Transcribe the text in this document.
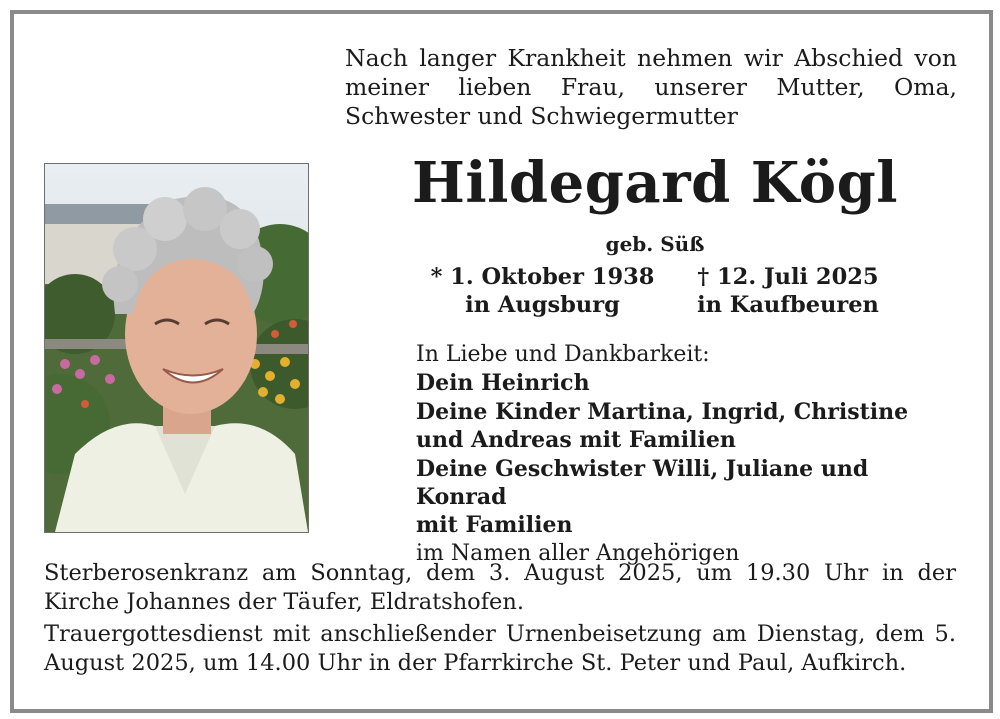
Nach langer Krankheit nehmen wir Abschied von meiner lieben Frau, unserer Mutter, Oma, Schwester und Schwiegermutter
Hildegard Kögl
geb. Süß
* 1. Oktober 1938
in Augsburg
† 12. Juli 2025
in Kaufbeuren
In Liebe und Dankbarkeit:
Dein Heinrich
Deine Kinder Martina, Ingrid, Christine
und Andreas mit Familien
Deine Geschwister Willi, Juliane und Konrad
mit Familien
im Namen aller Angehörigen
Sterberosenkranz am Sonntag, dem 3. August 2025, um 19.30 Uhr in der Kirche Johannes der Täufer, Eldratshofen.
Trauergottesdienst mit anschließender Urnenbeisetzung am Dienstag, dem 5. August 2025, um 14.00 Uhr in der Pfarrkirche St. Peter und Paul, Aufkirch.
